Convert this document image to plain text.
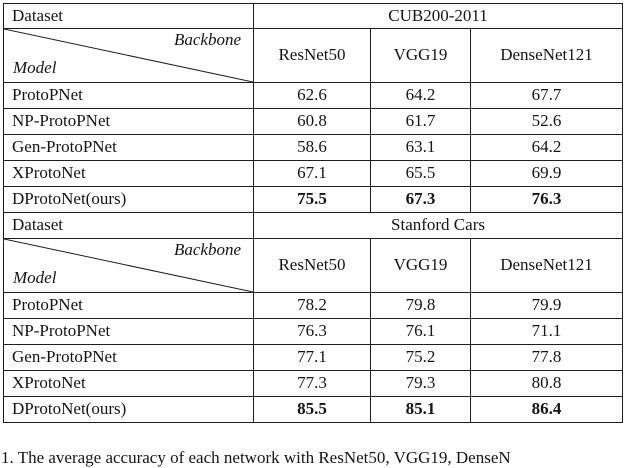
Dataset	CUB200-2011		

Backbone
Model	ResNet50	VGG19	DenseNet121
ProtoPNet	62.6	64.2	67.7
NP-ProtoPNet	60.8	61.7	52.6
Gen-ProtoPNet	58.6	63.1	64.2
XProtoNet	67.1	65.5	69.9
DProtoNet(ours)	75.5	67.3	76.3
Dataset	Stanford Cars		

Backbone
Model	ResNet50	VGG19	DenseNet121
ProtoPNet	78.2	79.8	79.9
NP-ProtoPNet	76.3	76.1	71.1
Gen-ProtoPNet	77.1	75.2	77.8
XProtoNet	77.3	79.3	80.8
DProtoNet(ours)	85.5	85.1	86.4
1. The average accuracy of each network with ResNet50, VGG19, DenseN
